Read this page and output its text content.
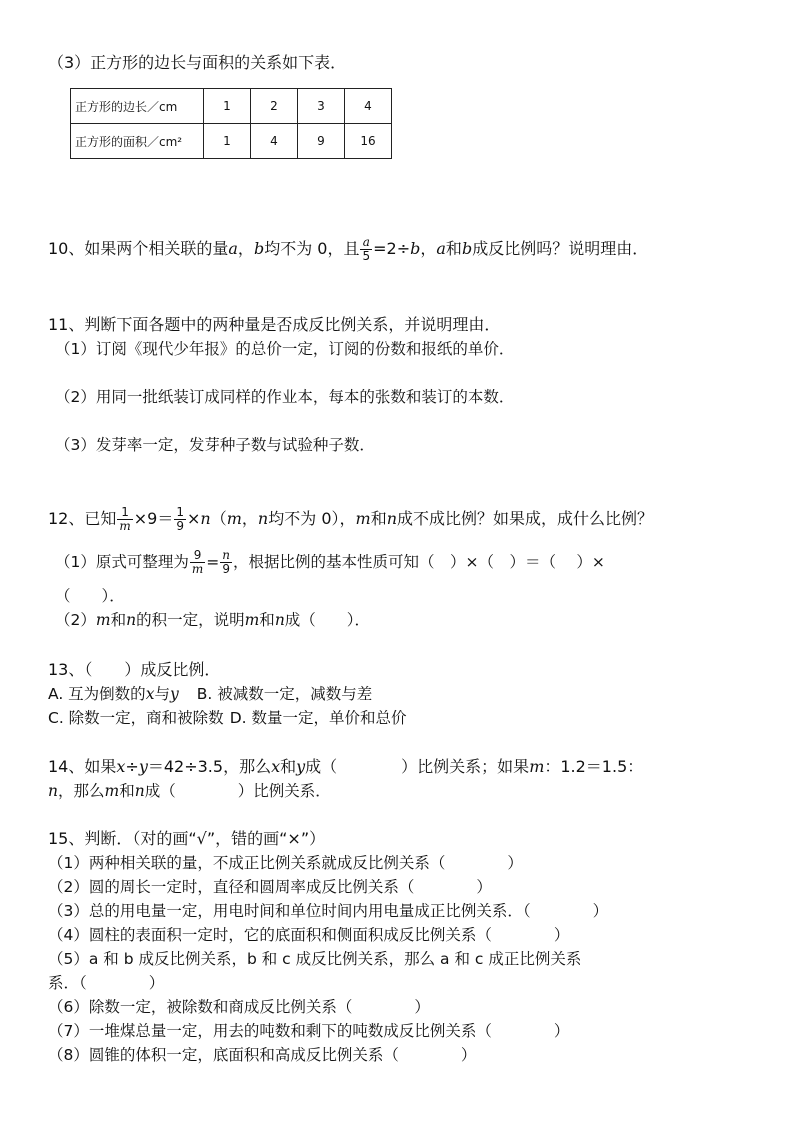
（3）正方形的边长与面积的关系如下表．
正方形的边长／cm	1	2	3	4
正方形的面积／cm²	1	4	9	16
10、如果两个相关联的量a，b均不为 0，且 $\frac{a}{5} =2\div b$，a和b成反比例吗？说明理由．
11、判断下面各题中的两种量是否成反比例关系，并说明理由．
（1）订阅《现代少年报》的总价一定，订阅的份数和报纸的单价．
（2）用同一批纸装订成同样的作业本，每本的张数和装订的本数．
（3）发芽率一定，发芽种子数与试验种子数．
12、已知 $\frac{1}{m} \times 9= \frac{1}{9} \times n(m$，n均不为 0），m和n成不成比例？如果成，成什么比例？
（1）原式可整理为 $\frac{9}{m} = \frac{n}{9}$ ，根据比例的基本性质可知（　）×（　）＝（　 ）×
（　　）．
（2）m和n的积一定，说明m和n成（　　）．
13、（　　）成反比例．
A. 互为倒数的x与y B. 被减数一定，减数与差
C. 除数一定，商和被除数 D. 数量一定，单价和总价
14、如果x÷y＝42÷3.5，那么x和y成（　　　　）比例关系；如果m：1.2＝1.5：
n，那么m和n成（　　　　）比例关系．
15、判断．（对的画“√”，错的画“×”）
（1）两种相关联的量，不成正比例关系就成反比例关系（　　　　）
（2）圆的周长一定时，直径和圆周率成反比例关系（　　　　）
（3）总的用电量一定，用电时间和单位时间内用电量成正比例关系．（　　　　）
（4）圆柱的表面积一定时，它的底面积和侧面积成反比例关系（　　　　）
（5）a 和 b 成反比例关系，b 和 c 成反比例关系，那么 a 和 c 成正比例关系
系．（　　　　）
（6）除数一定，被除数和商成反比例关系（　　　　）
（7）一堆煤总量一定，用去的吨数和剩下的吨数成反比例关系（　　　　）
（8）圆锥的体积一定，底面积和高成反比例关系（　　　　）
